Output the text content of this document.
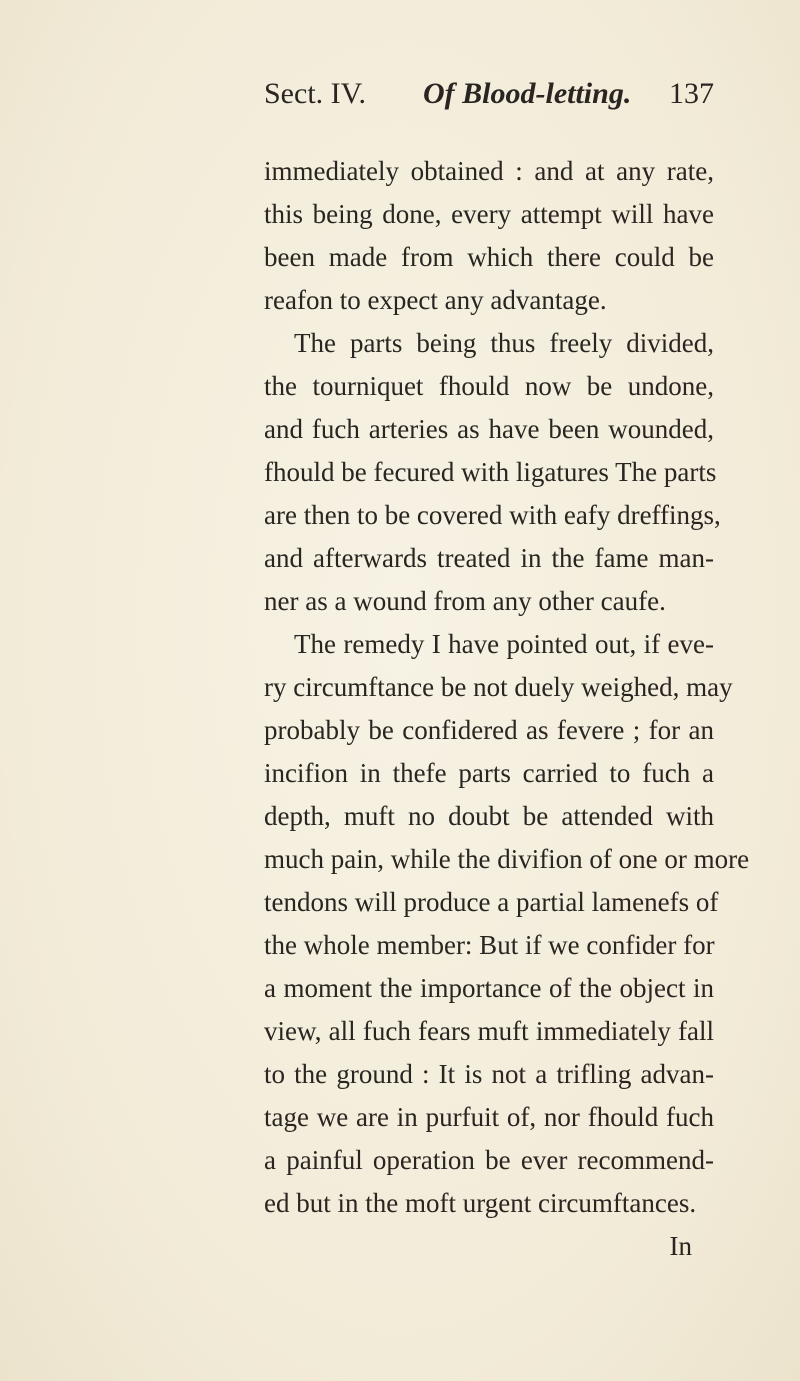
Sect. IV. Of Blood-letting. 137
immediately obtained : and at any rate,
this being done, every attempt will have
been made from which there could be
reafon to expect any advantage.
The parts being thus freely divided,
the tourniquet fhould now be undone,
and fuch arteries as have been wounded,
fhould be fecured with ligatures The parts
are then to be covered with eafy dreffings,
and afterwards treated in the fame man-
ner as a wound from any other caufe.
The remedy I have pointed out, if eve-
ry circumftance be not duely weighed, may
probably be confidered as fevere ; for an
incifion in thefe parts carried to fuch a
depth, muft no doubt be attended with
much pain, while the divifion of one or more
tendons will produce a partial lamenefs of
the whole member: But if we confider for
a moment the importance of the object in
view, all fuch fears muft immediately fall
to the ground : It is not a trifling advan-
tage we are in purfuit of, nor fhould fuch
a painful operation be ever recommend-
ed but in the moft urgent circumftances.
In
